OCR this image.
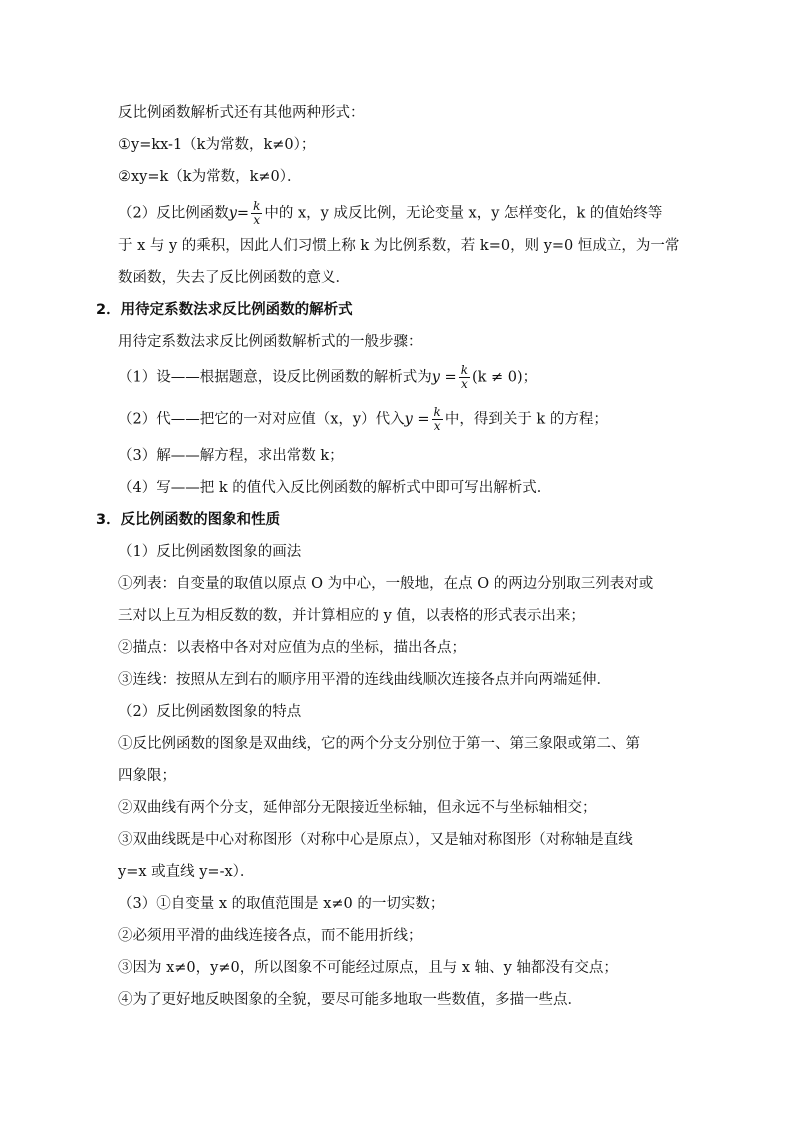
反比例函数解析式还有其他两种形式：
①y=kx-1（k为常数，k≠0）；
②xy=k（k为常数，k≠0）．
（2）反比例函数$y= \frac{k}{x}$ 中的 x，y 成反比例，无论变量 x，y 怎样变化，k 的值始终等
于 x 与 y 的乘积，因此人们习惯上称 k 为比例系数，若 k=0，则 y=0 恒成立，为一常
数函数，失去了反比例函数的意义．
2．用待定系数法求反比例函数的解析式
用待定系数法求反比例函数解析式的一般步骤：
（1）设——根据题意，设反比例函数的解析式为$y = \frac{k}{x} (k \ne 0)$；
（2）代——把它的一对对应值（x，y）代入$y = \frac{k}{x}$ 中，得到关于 k 的方程；
（3）解——解方程，求出常数 k；
（4）写——把 k 的值代入反比例函数的解析式中即可写出解析式．
3．反比例函数的图象和性质
（1）反比例函数图象的画法
①列表：自变量的取值以原点 O 为中心，一般地，在点 O 的两边分别取三列表对或
三对以上互为相反数的数，并计算相应的 y 值，以表格的形式表示出来；
②描点：以表格中各对对应值为点的坐标，描出各点；
③连线：按照从左到右的顺序用平滑的连线曲线顺次连接各点并向两端延伸．
（2）反比例函数图象的特点
①反比例函数的图象是双曲线，它的两个分支分别位于第一、第三象限或第二、第
四象限；
②双曲线有两个分支，延伸部分无限接近坐标轴，但永远不与坐标轴相交；
③双曲线既是中心对称图形（对称中心是原点），又是轴对称图形（对称轴是直线
y=x 或直线 y=-x）．
（3）①自变量 x 的取值范围是 x≠0 的一切实数；
②必须用平滑的曲线连接各点，而不能用折线；
③因为 x≠0，y≠0，所以图象不可能经过原点，且与 x 轴、y 轴都没有交点；
④为了更好地反映图象的全貌，要尽可能多地取一些数值，多描一些点．
